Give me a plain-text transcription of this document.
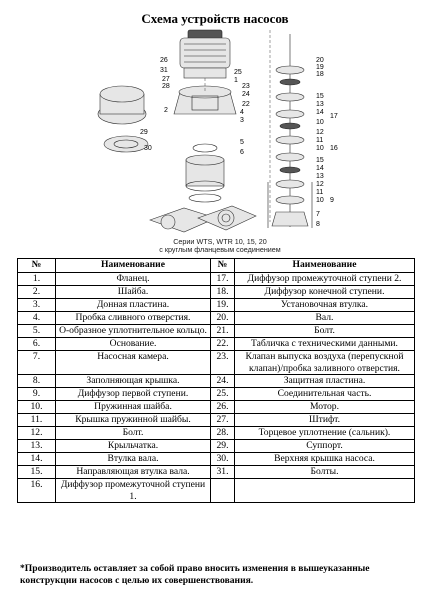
Схема устройств насосов
26
31
27
28
25
1
23
24
22
4
3
5
6
2
30
29
20
19
18
15
13
14
10
17
12
11
10 16
15
14
13
12
11
10 9
7
8
Серии WTS, WTR 10, 15, 20
с круглым фланцевым соединением
№	Наименование	№	Наименование
1.	Фланец.	17.	Диффузор промежуточной ступени 2.
2.	Шайба.	18.	Диффузор конечной ступени.
3.	Донная пластина.	19.	Установочная втулка.
4.	Пробка сливного отверстия.	20.	Вал.
5.	О-образное уплотнительное кольцо.	21.	Болт.
6.	Основание.	22.	Табличка с техническими данными.
7.	Насосная камера.	23.	Клапан выпуска воздуха (перепускной клапан)/пробка заливного отверстия.
8.	Заполняющая крышка.	24.	Защитная пластина.
9.	Диффузор первой ступени.	25.	Соединительная часть.
10.	Пружинная шайба.	26.	Мотор.
11.	Крышка пружинной шайбы.	27.	Штифт.
12.	Болт.	28.	Торцевое уплотнение (сальник).
13.	Крыльчатка.	29.	Суппорт.
14.	Втулка вала.	30.	Верхняя крышка насоса.
15.	Направляющая втулка вала.	31.	Болты.
16.	Диффузор промежуточной ступени 1.		
*Производитель оставляет за собой право вносить изменения в вышеуказанные конструкции насосов с целью их совершенствования.
